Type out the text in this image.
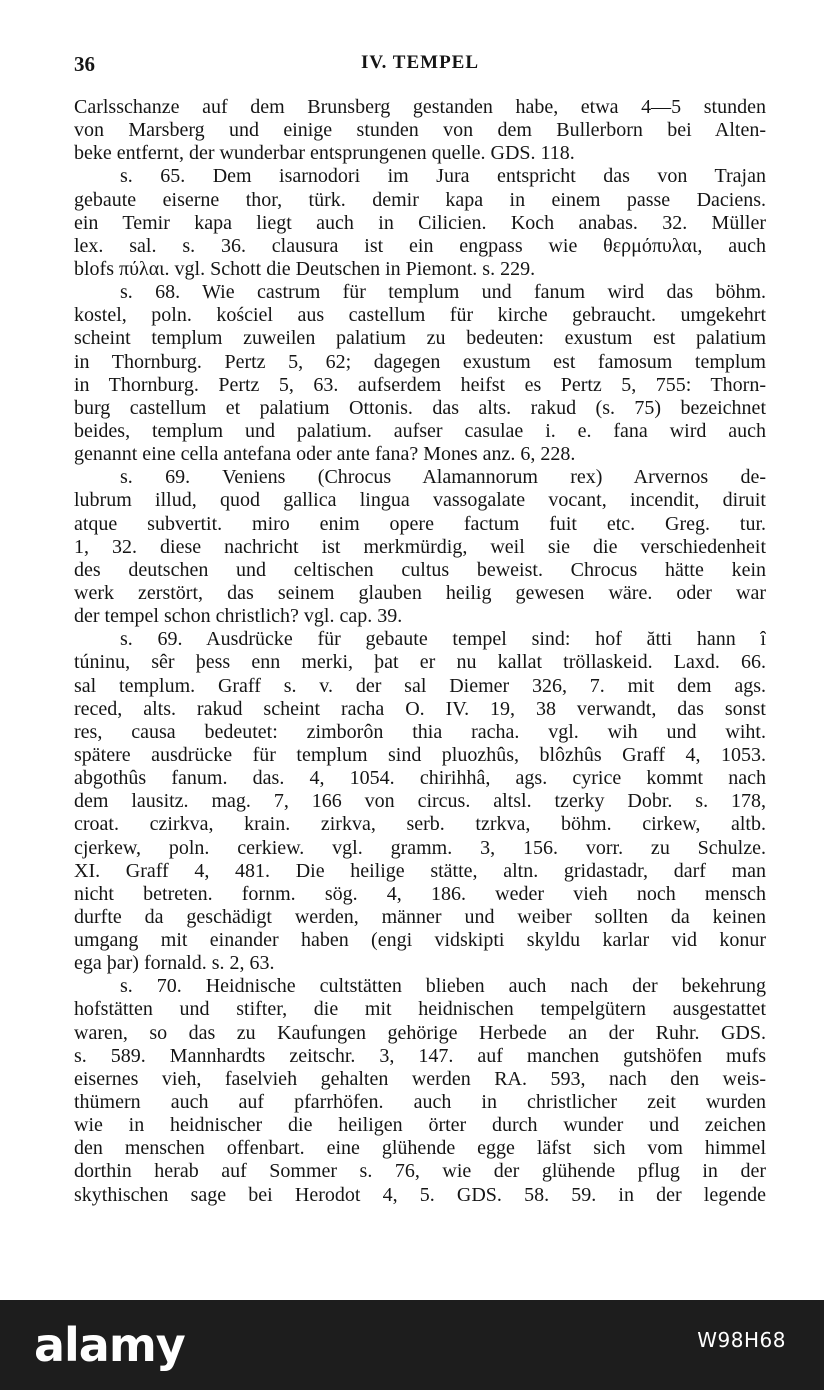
36	IV. TEMPEL
Carlsschanze auf dem Brunsberg gestanden habe, etwa 4—5 stunden
von Marsberg und einige stunden von dem Bullerborn bei Alten-
beke entfernt, der wunderbar entsprungenen quelle. GDS. 118.
s. 65. Dem isarnodori im Jura entspricht das von Trajan
gebaute eiserne thor, türk. demir kapa in einem passe Daciens.
ein Temir kapa liegt auch in Cilicien. Koch anabas. 32. Müller
lex. sal. s. 36. clausura ist ein engpass wie θερμόπυλαι, auch
blofs πύλαι. vgl. Schott die Deutschen in Piemont. s. 229.
s. 68. Wie castrum für templum und fanum wird das böhm.
kostel, poln. kościel aus castellum für kirche gebraucht. umgekehrt
scheint templum zuweilen palatium zu bedeuten: exustum est palatium
in Thornburg. Pertz 5, 62; dagegen exustum est famosum templum
in Thornburg. Pertz 5, 63. aufserdem heifst es Pertz 5, 755: Thorn-
burg castellum et palatium Ottonis. das alts. rakud (s. 75) bezeichnet
beides, templum und palatium. aufser casulae i. e. fana wird auch
genannt eine cella antefana oder ante fana? Mones anz. 6, 228.
s. 69. Veniens (Chrocus Alamannorum rex) Arvernos de-
lubrum illud, quod gallica lingua vassogalate vocant, incendit, diruit
atque subvertit. miro enim opere factum fuit etc. Greg. tur.
1, 32. diese nachricht ist merkmürdig, weil sie die verschiedenheit
des deutschen und celtischen cultus beweist. Chrocus hätte kein
werk zerstört, das seinem glauben heilig gewesen wäre. oder war
der tempel schon christlich? vgl. cap. 39.
s. 69. Ausdrücke für gebaute tempel sind: hof ătti hann î
túninu, sêr þess enn merki, þat er nu kallat tröllaskeid. Laxd. 66.
sal templum. Graff s. v. der sal Diemer 326, 7. mit dem ags.
reced, alts. rakud scheint racha O. IV. 19, 38 verwandt, das sonst
res, causa bedeutet: zimborôn thia racha. vgl. wih und wiht.
spätere ausdrücke für templum sind pluozhûs, blôzhûs Graff 4, 1053.
abgothûs fanum. das. 4, 1054. chirihhâ, ags. cyrice kommt nach
dem lausitz. mag. 7, 166 von circus. altsl. tzerky Dobr. s. 178,
croat. czirkva, krain. zirkva, serb. tzrkva, böhm. cirkew, altb.
cjerkew, poln. cerkiew. vgl. gramm. 3, 156. vorr. zu Schulze.
XI. Graff 4, 481. Die heilige stätte, altn. gridastadr, darf man
nicht betreten. fornm. sög. 4, 186. weder vieh noch mensch
durfte da geschädigt werden, männer und weiber sollten da keinen
umgang mit einander haben (engi vidskipti skyldu karlar vid konur
ega þar) fornald. s. 2, 63.
s. 70. Heidnische cultstätten blieben auch nach der bekehrung
hofstätten und stifter, die mit heidnischen tempelgütern ausgestattet
waren, so das zu Kaufungen gehörige Herbede an der Ruhr. GDS.
s. 589. Mannhardts zeitschr. 3, 147. auf manchen gutshöfen mufs
eisernes vieh, faselvieh gehalten werden RA. 593, nach den weis-
thümern auch auf pfarrhöfen. auch in christlicher zeit wurden
wie in heidnischer die heiligen örter durch wunder und zeichen
den menschen offenbart. eine glühende egge läfst sich vom himmel
dorthin herab auf Sommer s. 76, wie der glühende pflug in der
skythischen sage bei Herodot 4, 5. GDS. 58. 59. in der legende
alamy	W98H68
